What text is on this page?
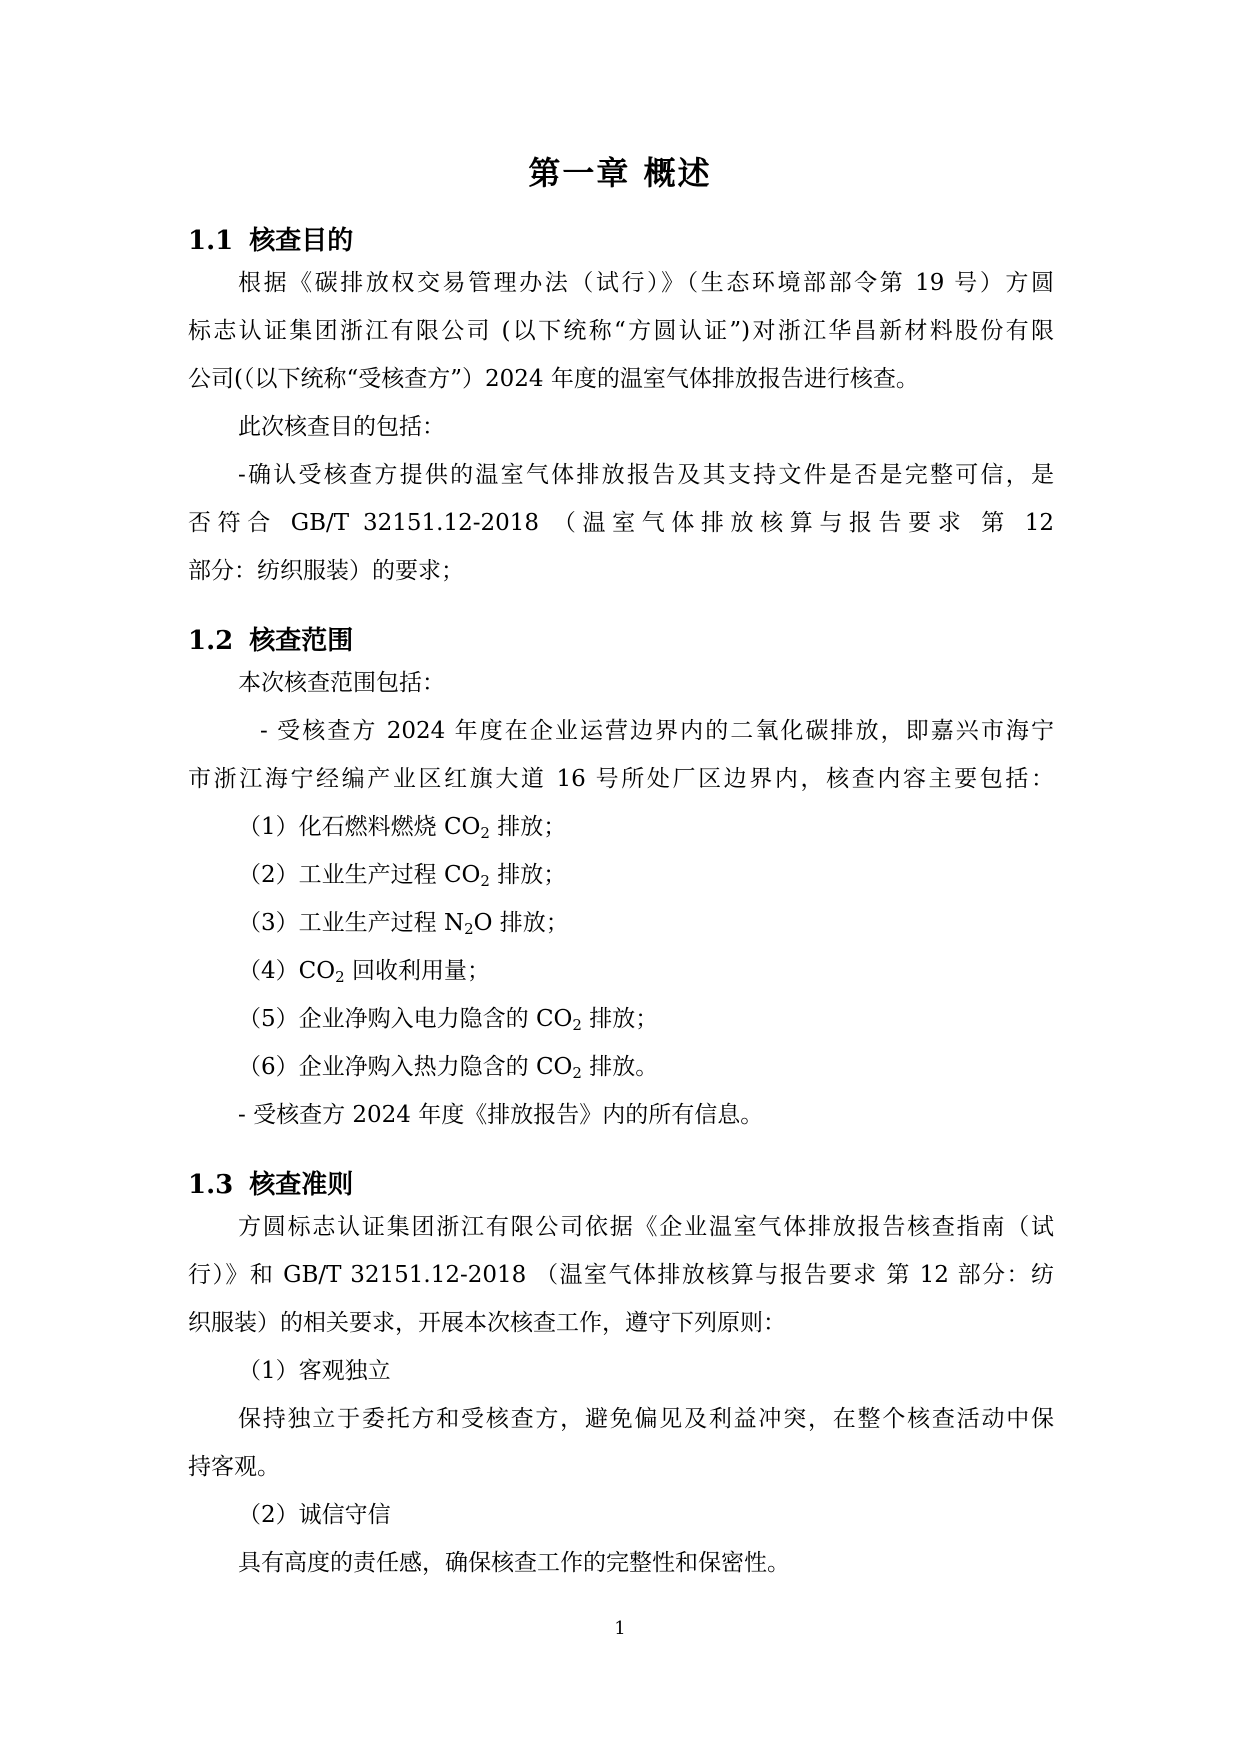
第一章 概述
1.1 核查目的
根据《碳排放权交易管理办法（试行）》（生态环境部部令第 19 号）方圆
标志认证集团浙江有限公司 (以下统称“方圆认证”)对浙江华昌新材料股份有限
公司(（以下统称“受核查方”）2024 年度的温室气体排放报告进行核查。
此次核查目的包括：
-确认受核查方提供的温室气体排放报告及其支持文件是否是完整可信，是
否符合 GB/T 32151.12-2018 （温室气体排放核算与报告要求 第 12
部分：纺织服装）的要求；
1.2 核查范围
本次核查范围包括：
- 受核查方 2024 年度在企业运营边界内的二氧化碳排放，即嘉兴市海宁
市浙江海宁经编产业区红旗大道 16 号所处厂区边界内，核查内容主要包括：
（1）化石燃料燃烧 $CO_2$ 排放；
（2）工业生产过程 $CO_2$ 排放；
（3）工业生产过程 $N_2O$ 排放；
$(4)CO_2$ 回收利用量；
（5）企业净购入电力隐含的 $CO_2$ 排放；
（6）企业净购入热力隐含的 $CO_2$ 排放。
- 受核查方 2024 年度《排放报告》内的所有信息。
1.3 核查准则
方圆标志认证集团浙江有限公司依据《企业温室气体排放报告核查指南（试
行）》和 GB/T 32151.12-2018 （温室气体排放核算与报告要求 第 12 部分：纺
织服装）的相关要求，开展本次核查工作，遵守下列原则：
（1）客观独立
保持独立于委托方和受核查方，避免偏见及利益冲突，在整个核查活动中保
持客观。
（2）诚信守信
具有高度的责任感，确保核查工作的完整性和保密性。
1
